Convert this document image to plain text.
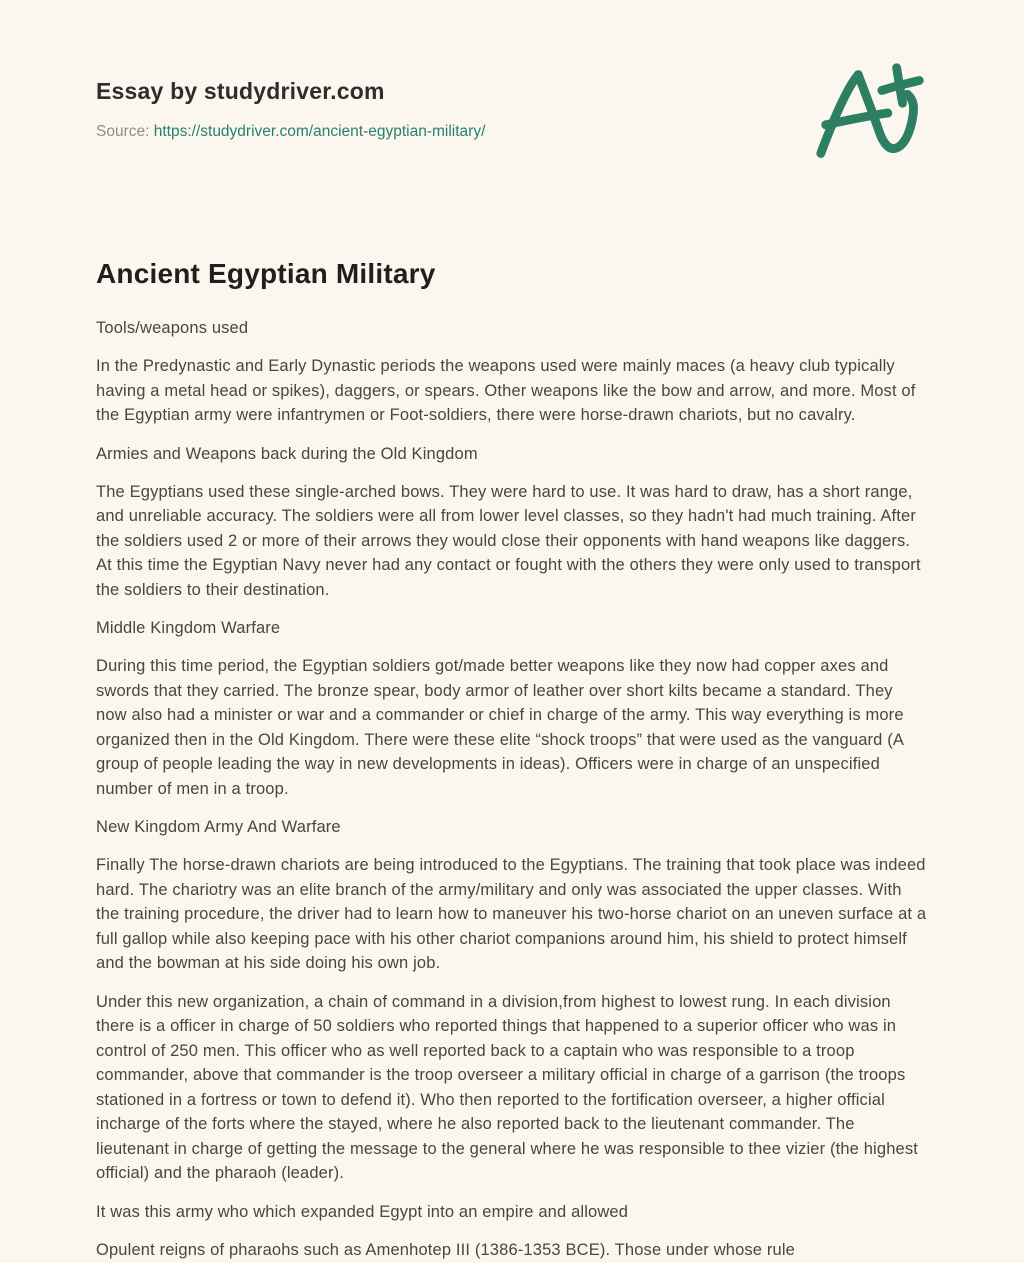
Essay by studydriver.com
Source: https://studydriver.com/ancient-egyptian-military/
Ancient Egyptian Military
Tools/weapons used

In the Predynastic and Early Dynastic periods the weapons used were mainly maces (a heavy club typically having a metal head or spikes), daggers, or spears. Other weapons like the bow and arrow, and more. Most of the Egyptian army were infantrymen or Foot-soldiers, there were horse-drawn chariots, but no cavalry.

Armies and Weapons back during the Old Kingdom

The Egyptians used these single-arched bows. They were hard to use. It was hard to draw, has a short range, and unreliable accuracy. The soldiers were all from lower level classes, so they hadn't had much training. After the soldiers used 2 or more of their arrows they would close their opponents with hand weapons like daggers. At this time the Egyptian Navy never had any contact or fought with the others they were only used to transport the soldiers to their destination.

Middle Kingdom Warfare

During this time period, the Egyptian soldiers got/made better weapons like they now had copper axes and swords that they carried. The bronze spear, body armor of leather over short kilts became a standard. They now also had a minister or war and a commander or chief in charge of the army. This way everything is more organized then in the Old Kingdom. There were these elite “shock troops” that were used as the vanguard (A group of people leading the way in new developments in ideas). Officers were in charge of an unspecified number of men in a troop.

New Kingdom Army And Warfare

Finally The horse-drawn chariots are being introduced to the Egyptians. The training that took place was indeed hard. The chariotry was an elite branch of the army/military and only was associated the upper classes. With the training procedure, the driver had to learn how to maneuver his two-horse chariot on an uneven surface at a full gallop while also keeping pace with his other chariot companions around him, his shield to protect himself and the bowman at his side doing his own job.

Under this new organization, a chain of command in a division,from highest to lowest rung. In each division there is a officer in charge of 50 soldiers who reported things that happened to a superior officer who was in control of 250 men. This officer who as well reported back to a captain who was responsible to a troop commander, above that commander is the troop overseer a military official in charge of a garrison (the troops stationed in a fortress or town to defend it). Who then reported to the fortification overseer, a higher official incharge of the forts where the stayed, where he also reported back to the lieutenant commander. The lieutenant in charge of getting the message to the general where he was responsible to thee vizier (the highest official) and the pharaoh (leader).

It was this army who which expanded Egypt into an empire and allowed

Opulent reigns of pharaohs such as Amenhotep III (1386-1353 BCE). Those under whose rule
